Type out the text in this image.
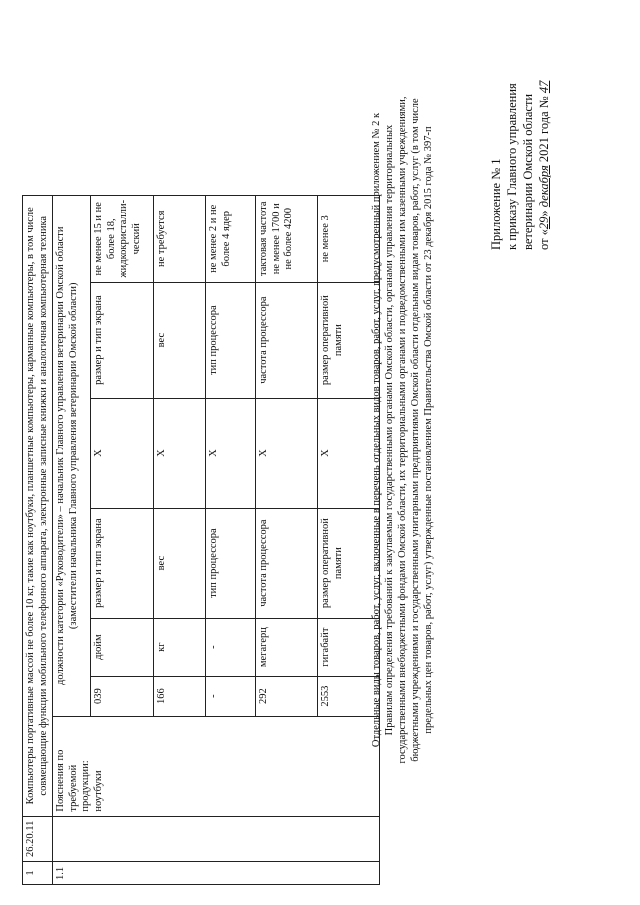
Приложение № 1 к приказу Главного управления ветеринарии Омской области от «29» декабря 2021 года № 47
Отдельные виды товаров, работ, услуг, включенные в перечень отдельных видов товаров, работ, услуг, предусмотренный приложением № 2 к Правилам определения требований к закупаемым государственными органами Омской области, органами управления территориальных государственными внебюджетными фондами Омской области, их территориальными органами и подведомственными им казенными учреждениями, бюджетными учреждениями и государственными унитарными предприятиями Омской области отдельным видам товаров, работ, услуг (в том числе предельных цен товаров, работ, услуг) утвержденные постановлением Правительства Омской области от 23 декабря 2015 года № 397-п
1	26.20.11	Компьютеры портативные массой не более 10 кг, такие как ноутбуки, планшетные компьютеры, карманные компьютеры, в том числе совмещающие функции мобильного телефонного аппарата, электронные записные книжки и аналогичная компьютерная техника						
1.1		Пояснения по требуемой продукции: ноутбуки	должности категории «Руководители» – начальник Главного управления ветеринарии Омской области (заместители начальника Главного управления ветеринарии Омской области)					
			039	дюйм	размер и тип экрана	X	размер и тип экрана	не менее 15 и не более 18, жидкокристалли-ческий
			166	кг	вес	X	вес	не требуется
			-	-	тип процессора	X	тип процессора	не менее 2 и не более 4 ядер
			292	мегагерц	частота процессора	X	частота процессора	тактовая частота не менее 1700 и не более 4200
			2553	гигабайт	размер оперативной памяти	X	размер оперативной памяти	не менее 3
